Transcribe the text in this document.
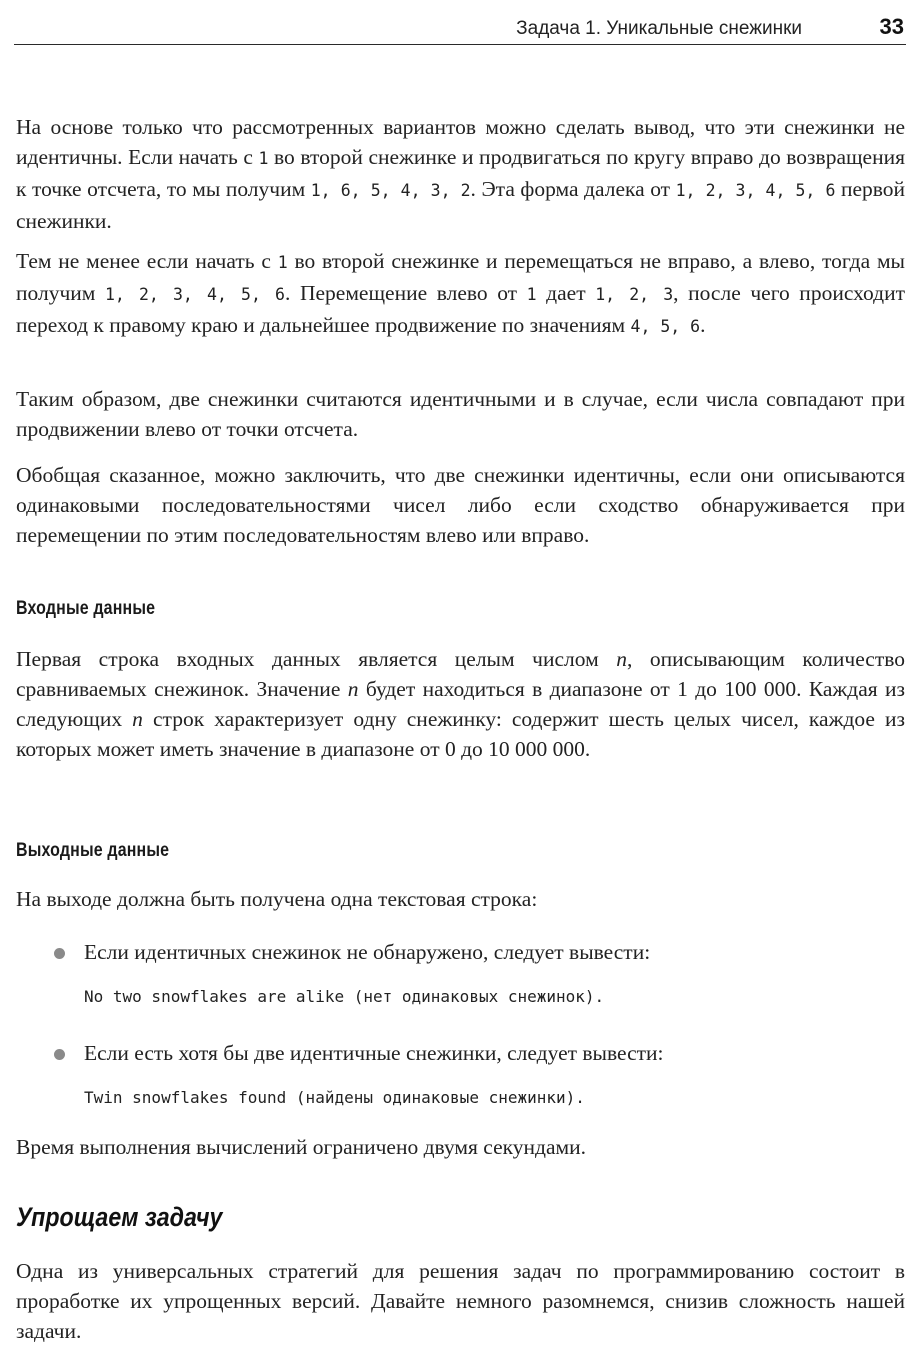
Задача 1. Уникальные снежинки	33

На основе только что рассмотренных вариантов можно сделать вывод, что эти снежинки не идентичны. Если начать с 1 во второй снежинке и продвигаться по кругу вправо до возвращения к точке отсчета, то мы получим 1, 6, 5, 4, 3, 2. Эта форма далека от 1, 2, 3, 4, 5, 6 первой снежинки.

Тем не менее если начать с 1 во второй снежинке и перемещаться не вправо, а влево, тогда мы получим 1, 2, 3, 4, 5, 6. Перемещение влево от 1 дает 1, 2, 3, после чего происходит переход к правому краю и дальнейшее продвижение по значениям 4, 5, 6.

Таким образом, две снежинки считаются идентичными и в случае, если числа совпадают при продвижении влево от точки отсчета.

Обобщая сказанное, можно заключить, что две снежинки идентичны, если они описываются одинаковыми последовательностями чисел либо если сходство обнаруживается при перемещении по этим последовательностям влево или вправо.

Входные данные

Первая строка входных данных является целым числом n, описывающим количество сравниваемых снежинок. Значение n будет находиться в диапазоне от 1 до 100 000. Каждая из следующих n строк характеризует одну снежинку: содержит шесть целых чисел, каждое из которых может иметь значение в диапазоне от 0 до 10 000 000.

Выходные данные

На выходе должна быть получена одна текстовая строка:

Если идентичных снежинок не обнаружено, следует вывести:

No two snowflakes are alike (нет одинаковых снежинок).

Если есть хотя бы две идентичные снежинки, следует вывести:

Twin snowflakes found (найдены одинаковые снежинки).

Время выполнения вычислений ограничено двумя секундами.

Упрощаем задачу

Одна из универсальных стратегий для решения задач по программированию состоит в проработке их упрощенных версий. Давайте немного разомнемся, снизив сложность нашей задачи.
